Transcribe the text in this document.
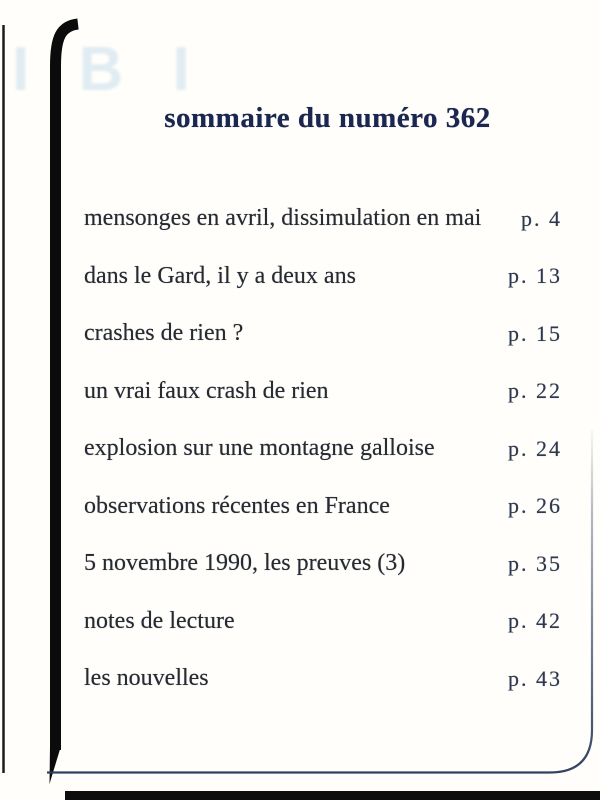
I B I
sommaire du numéro 362
mensonges en avril, dissimulation en mai	p. 4
dans le Gard, il y a deux ans	p. 13
crashes de rien ?	p. 15
un vrai faux crash de rien	p. 22
explosion sur une montagne galloise	p. 24
observations récentes en France	p. 26
5 novembre 1990, les preuves (3)	p. 35
notes de lecture	p. 42
les nouvelles	p. 43
